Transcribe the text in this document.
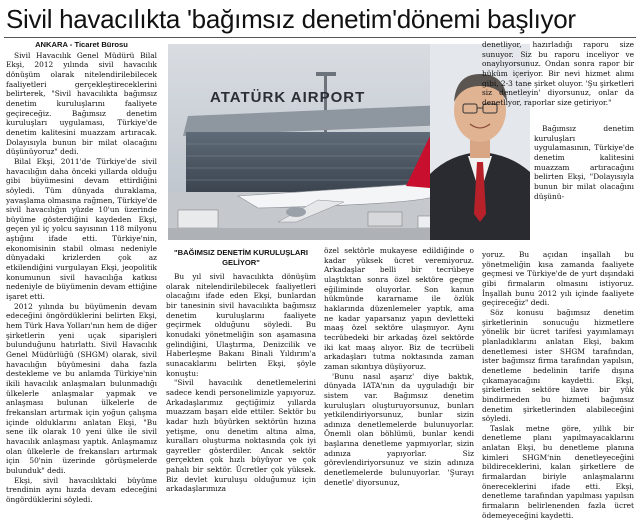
Sivil havacılıkta 'bağımsız denetim'dönemi başlıyor
ANKARA - Ticaret Bürosu

Sivil Havacılık Genel Müdürü Bilal Ekşi, 2012 yılında sivil havacılık dönüşüm olarak nitelendirilebilecek faaliyetleri gerçekleştireceklerini belirterek, "Sivil havacılıkta bağımsız denetim kuruluşlarını faaliyete geçireceğiz. Bağımsız denetim kuruluşları uygulaması, Türkiye'de denetim kalitesini muazzam artıracak. Dolayısıyla bunun bir milat olacağını düşünüyoruz" dedi.

Bilal Ekşi, 2011'de Türkiye'de sivil havacılığın daha önceki yıllarda olduğu gibi büyümesini devam ettirdiğini söyledi. Tüm dünyada duraklama, yavaşlama olmasına rağmen, Türkiye'de sivil havacılığın yüzde 10'un üzerinde büyüme gösterdiğini kaydeden Ekşi, geçen yıl iç yolcu sayısının 118 milyonu aştığını ifade etti. Türkiye'nin, ekonomisinin stabil olması nedeniyle dünyadaki krizlerden çok az etkilendiğini vurgulayan Ekşi, jeopolitik konumunun sivil havacılığa katkısı nedeniyle de büyümenin devam ettiğine işaret etti.

2012 yılında bu büyümenin devam edeceğini öngördüklerini belirten Ekşi, hem Türk Hava Yolları'nın hem de diğer şirketlerin yeni uçak siparişleri bulunduğunu hatırlattı. Sivil Havacılık Genel Müdürlüğü (SHGM) olarak, sivil havacılığın büyümesini daha fazla destekleme ve bu anlamda Türkiye'nin ikili havacılık anlaşmaları bulunmadığı ülkelerle anlaşmalar yapmak ve anlaşması bulunan ülkelerle de frekansları artırmak için yoğun çalışma içinde olduklarını anlatan Ekşi, "Bu sene ilk olarak 10 yeni ülke ile sivil havacılık anlaşması yaptık. Anlaşmamız olan ülkelerle de frekansları artırmak için 50'nin üzerinde görüşmelerde bulunduk" dedi.

Ekşi, sivil havacılıktaki büyüme trendinin aynı hızda devam edeceğini öngördüklerini söyledi.

ATATÜRK AIRPORT
"BAĞIMSIZ DENETİM KURULUŞLARI GELİYOR"

Bu yıl sivil havacılıkta dönüşüm olarak nitelendirilebilecek faaliyetleri olacağını ifade eden Ekşi, bunlardan bir tanesinin sivil havacılıkta bağımsız denetim kuruluşlarını faaliyete geçirmek olduğunu söyledi. Bu konudaki yönetmeliğin son aşamasına gelindiğini, Ulaştırma, Denizcilik ve Haberleşme Bakanı Binali Yıldırım'a sunacaklarını belirten Ekşi, şöyle konuştu:

"Sivil havacılık denetlemelerini sadece kendi personelimizle yapıyoruz. Arkadaşlarımız geçtiğimiz yıllarda muazzam başarı elde ettiler. Sektör bu kadar hızlı büyürken sektörün hızına yetişme, onu denetim altına alma, kuralları oluşturma noktasında çok iyi gayretler gösterdiler. Ancak sektör gerçekten çok hızlı büyüyor ve çok pahalı bir sektör. Ücretler çok yüksek. Biz devlet kuruluşu olduğumuz için arkadaşlarımıza

özel sektörle mukayese edildiğinde o kadar yüksek ücret veremiyoruz. Arkadaşlar belli bir tecrübeye ulaştıktan sonra özel sektöre geçme eğiliminde oluyorlar. Son kanun hükmünde kararname ile özlük haklarında düzenlemeler yaptık, ama ne kadar yaparsanız yapın devletteki maaş özel sektöre ulaşmıyor. Aynı tecrübedeki bir arkadaş özel sektörde iki kat maaş alıyor. Biz de tecrübeli arkadaşları tutma noktasında zaman zaman sıkıntıya düşüyoruz.

'Bunu nasıl aşarız' diye baktık, dünyada IATA'nın da uyguladığı bir sistem var. Bağımsız denetim kuruluşları oluşturuyorsunuz, bunları yetkilendiriyorsunuz, bunlar sizin adınıza denetlemelerde bulunuyorlar. Önemli olan böhlümü, bunlar kendi başlarına denetleme yapmıyorlar, sizin adınıza yapıyorlar. Siz görevlendiriyorsunuz ve sizin adınıza denetlemelerde bulunuyorlar. 'Şurayı denetle' diyorsunuz,

denetliyor, hazırladığı raporu size sunuyor. Siz bu raporu inceliyor ve onaylıyorsunuz. Ondan sonra rapor bir hüküm içeriyor. Bir nevi hizmet alımı gibi, 2-3 tane şirket oluyor. 'Şu şirketleri siz denetleyin' diyorsunuz, onlar da denetliyor, raporlar size getiriyor."

Bağımsız denetim kuruluşları uygulamasının, Türkiye'de denetim kalitesini muazzam artıracağını belirten Ekşi, "Dolayısıyla bunun bir milat olacağını düşünü-

yoruz. Bu açıdan inşallah bu yönetmeliğin kısa zamanda faaliyete geçmesi ve Türkiye'de de yurt dışındaki gibi firmaların olmasını istiyoruz. İnşallah bunu 2012 yılı içinde faaliyete geçireceğiz" dedi.

Söz konusu bağımsız denetim şirketlerinin sonucuğu hizmetlere yönelik bir ücret tarifesi yayımlamayı planladıklarını anlatan Ekşi, bakım denetlemesi ister SHGM tarafından, ister bağımsız firma tarafından yapılsın, denetleme bedelinin tarife dışına çıkamayacağını kaydetti. Ekşi, şirketlerin sektöre ilave bir yük bindirmeden bu hizmeti bağımsız denetim şirketlerinden alabileceğini söyledi.

Taslak metne göre, yıllık bir denetleme planı yapılmayacaklarını anlatan Ekşi, bu denetleme planına kimleri SHGM'nin denetleyeceğini bildireceklerini, kalan şirketlere de firmalardan biriyle anlaşmalarını önereceklerini ifade etti. Ekşi, denetleme tarafından yapılması yapılsın firmaların belirlenenden fazla ücret ödemeyeceğini kaydetti.
